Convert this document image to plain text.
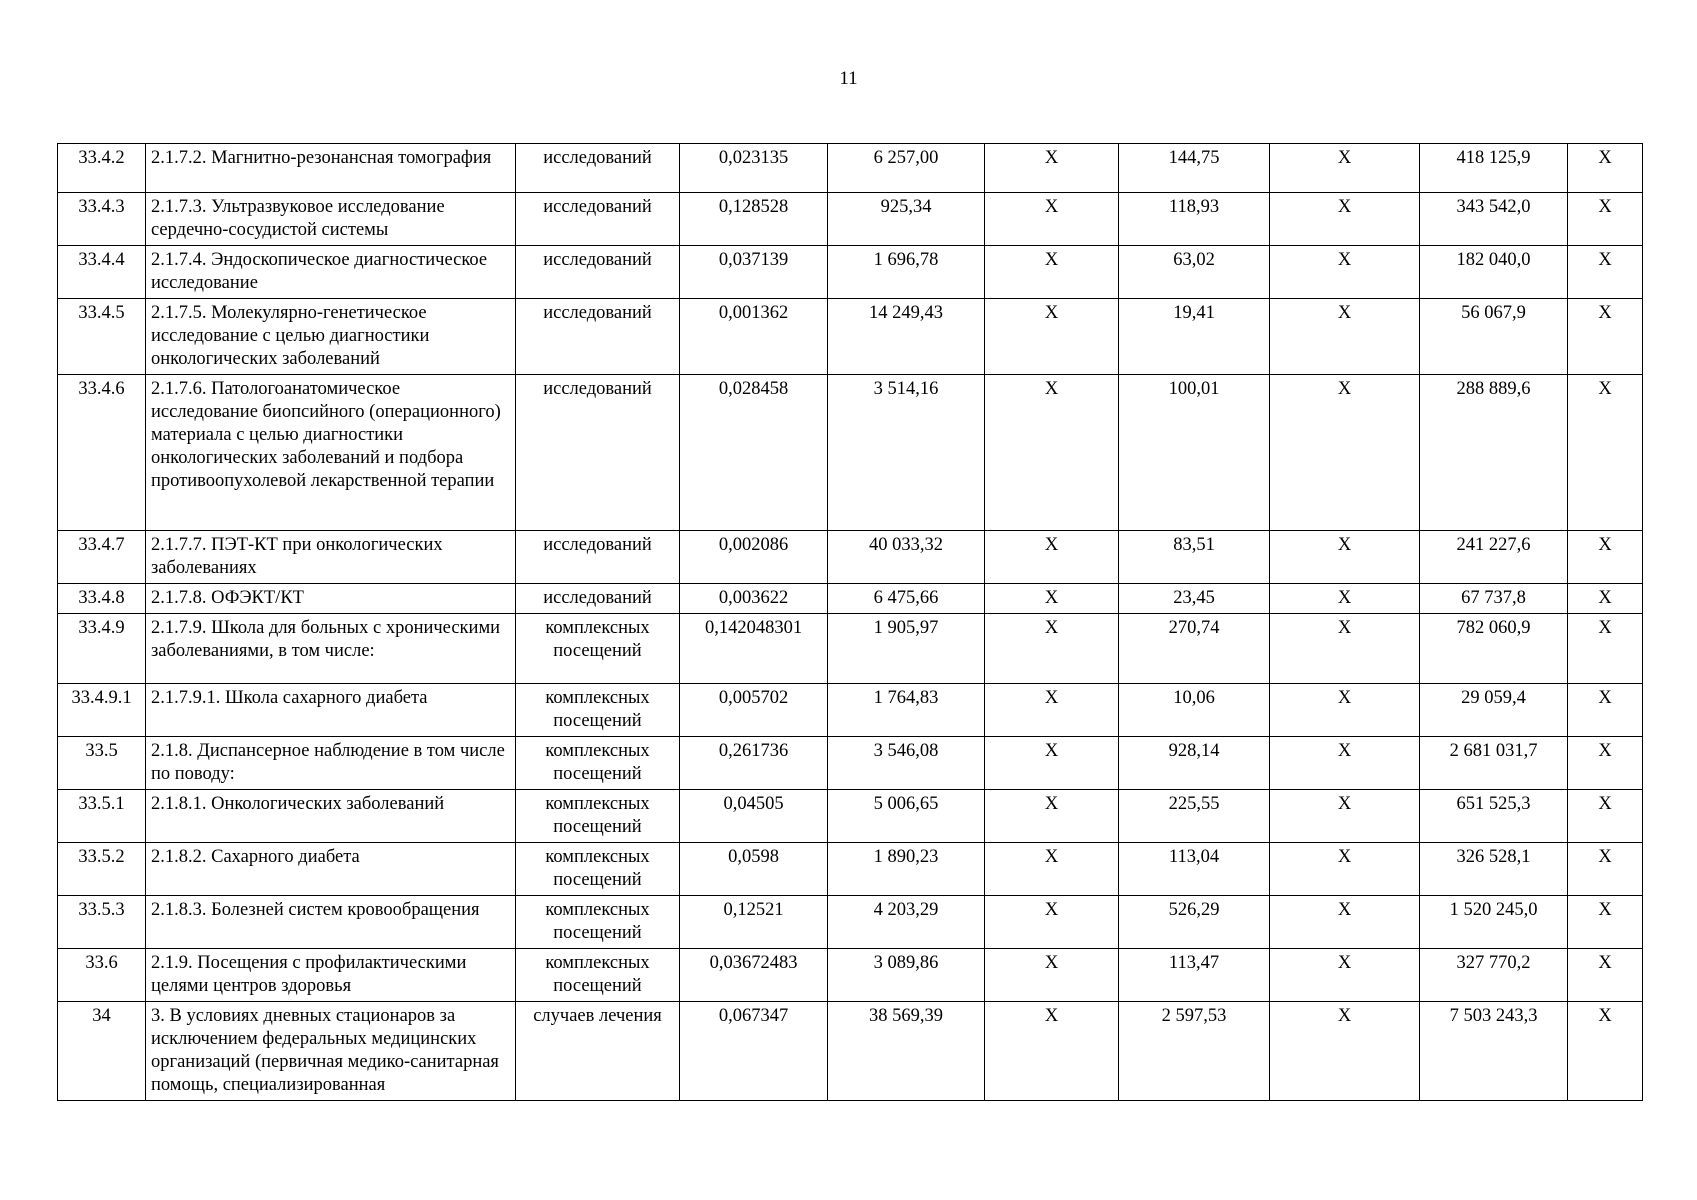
11
33.4.2	2.1.7.2. Магнитно-резонансная томография	исследований	0,023135	6 257,00	Х	144,75	Х	418 125,9	Х
33.4.3	2.1.7.3. Ультразвуковое исследование сердечно-сосудистой системы	исследований	0,128528	925,34	Х	118,93	Х	343 542,0	Х
33.4.4	2.1.7.4. Эндоскопическое диагностическое исследование	исследований	0,037139	1 696,78	Х	63,02	Х	182 040,0	Х
33.4.5	2.1.7.5. Молекулярно-генетическое исследование с целью диагностики онкологических заболеваний	исследований	0,001362	14 249,43	Х	19,41	Х	56 067,9	Х
33.4.6	2.1.7.6. Патологоанатомическое исследование биопсийного (операционного) материала с целью диагностики онкологических заболеваний и подбора противоопухолевой лекарственной терапии	исследований	0,028458	3 514,16	Х	100,01	Х	288 889,6	Х
33.4.7	2.1.7.7. ПЭТ-КТ при онкологических заболеваниях	исследований	0,002086	40 033,32	Х	83,51	Х	241 227,6	Х
33.4.8	2.1.7.8. ОФЭКТ/КТ	исследований	0,003622	6 475,66	Х	23,45	Х	67 737,8	Х
33.4.9	2.1.7.9. Школа для больных с хроническими заболеваниями, в том числе:	комплексных посещений	0,142048301	1 905,97	Х	270,74	Х	782 060,9	Х
33.4.9.1	2.1.7.9.1. Школа сахарного диабета	комплексных посещений	0,005702	1 764,83	Х	10,06	Х	29 059,4	Х
33.5	2.1.8. Диспансерное наблюдение в том числе по поводу:	комплексных посещений	0,261736	3 546,08	Х	928,14	Х	2 681 031,7	Х
33.5.1	2.1.8.1. Онкологических заболеваний	комплексных посещений	0,04505	5 006,65	Х	225,55	Х	651 525,3	Х
33.5.2	2.1.8.2. Сахарного диабета	комплексных посещений	0,0598	1 890,23	Х	113,04	Х	326 528,1	Х
33.5.3	2.1.8.3. Болезней систем кровообращения	комплексных посещений	0,12521	4 203,29	Х	526,29	Х	1 520 245,0	Х
33.6	2.1.9. Посещения с профилактическими целями центров здоровья	комплексных посещений	0,03672483	3 089,86	Х	113,47	Х	327 770,2	Х
34	3. В условиях дневных стационаров за исключением федеральных медицинских организаций (первичная медико-санитарная помощь, специализированная	случаев лечения	0,067347	38 569,39	Х	2 597,53	Х	7 503 243,3	Х
